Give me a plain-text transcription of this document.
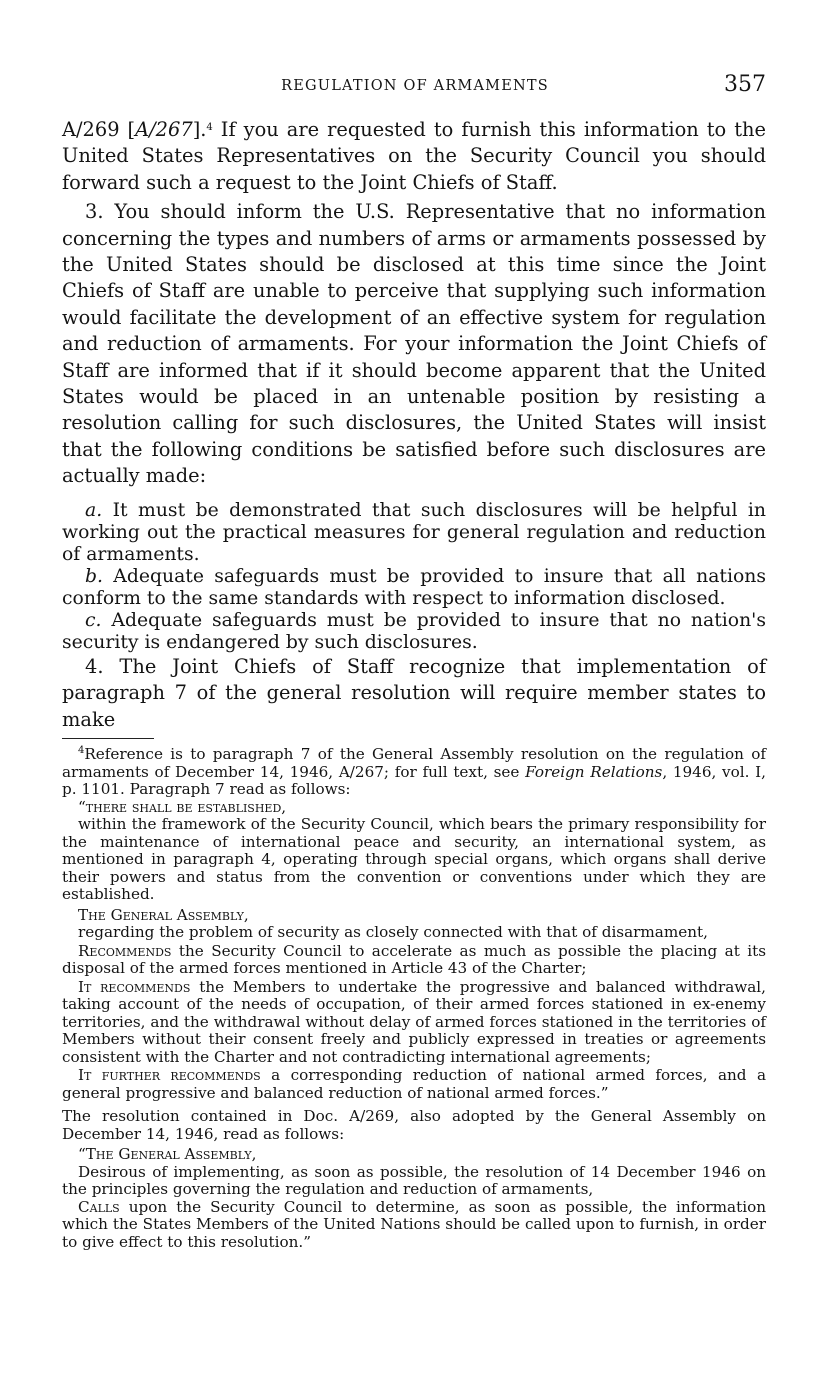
REGULATION OF ARMAMENTS	357

A/269 [A/267].$^4$ If you are requested to furnish this information to the United States Representatives on the Security Council you should forward such a request to the Joint Chiefs of Staff.

3. You should inform the U.S. Representative that no information concerning the types and numbers of arms or armaments possessed by the United States should be disclosed at this time since the Joint Chiefs of Staff are unable to perceive that supplying such information would facilitate the development of an effective system for regulation and reduction of armaments. For your information the Joint Chiefs of Staff are informed that if it should become apparent that the United States would be placed in an untenable position by resisting a resolution calling for such disclosures, the United States will insist that the following conditions be satisfied before such disclosures are actually made:

a. It must be demonstrated that such disclosures will be helpful in working out the practical measures for general regulation and reduction of armaments.

b. Adequate safeguards must be provided to insure that all nations conform to the same standards with respect to information disclosed.

c. Adequate safeguards must be provided to insure that no nation's security is endangered by such disclosures.

4. The Joint Chiefs of Staff recognize that implementation of paragraph 7 of the general resolution will require member states to make

$^4$Reference is to paragraph 7 of the General Assembly resolution on the regulation of armaments of December 14, 1946, A/267; for full text, see Foreign Relations, 1946, vol. I, p. 1101. Paragraph 7 read as follows:

“there shall be established,

within the framework of the Security Council, which bears the primary responsibility for the maintenance of international peace and security, an international system, as mentioned in paragraph 4, operating through special organs, which organs shall derive their powers and status from the convention or conventions under which they are established.

The General Assembly,

regarding the problem of security as closely connected with that of disarmament,

Recommends the Security Council to accelerate as much as possible the placing at its disposal of the armed forces mentioned in Article 43 of the Charter;

It recommends the Members to undertake the progressive and balanced withdrawal, taking account of the needs of occupation, of their armed forces stationed in ex-enemy territories, and the withdrawal without delay of armed forces stationed in the territories of Members without their consent freely and publicly expressed in treaties or agreements consistent with the Charter and not contradicting international agreements;

It further recommends a corresponding reduction of national armed forces, and a general progressive and balanced reduction of national armed forces.”

The resolution contained in Doc. A/269, also adopted by the General Assembly on December 14, 1946, read as follows:

“The General Assembly,

Desirous of implementing, as soon as possible, the resolution of 14 December 1946 on the principles governing the regulation and reduction of armaments,

Calls upon the Security Council to determine, as soon as possible, the information which the States Members of the United Nations should be called upon to furnish, in order to give effect to this resolution.”
